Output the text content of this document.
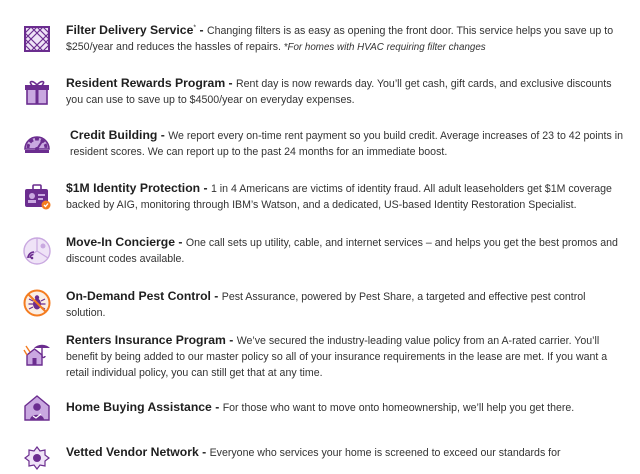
Filter Delivery Service* - Changing filters is as easy as opening the front door. This service helps you save up to $250/year and reduces the hassles of repairs. *For homes with HVAC requiring filter changes
Resident Rewards Program - Rent day is now rewards day. You’ll get cash, gift cards, and exclusive discounts you can use to save up to $4500/year on everyday expenses.
Credit Building - We report every on-time rent payment so you build credit. Average increases of 23 to 42 points in resident scores. We can report up to the past 24 months for an immediate boost.
$1M Identity Protection - 1 in 4 Americans are victims of identity fraud. All adult leaseholders get $1M coverage backed by AIG, monitoring through IBM’s Watson, and a dedicated, US-based Identity Restoration Specialist.
Move-In Concierge - One call sets up utility, cable, and internet services – and helps you get the best promos and discount codes available.
On-Demand Pest Control - Pest Assurance, powered by Pest Share, a targeted and effective pest control solution.
Renters Insurance Program - We’ve secured the industry-leading value policy from an A-rated carrier. You’ll benefit by being added to our master policy so all of your insurance requirements in the lease are met. If you want a retail individual policy, you can still get that at any time.
Home Buying Assistance - For those who want to move onto homeownership, we’ll help you get there.
Vetted Vendor Network - Everyone who services your home is screened to exceed our standards for
